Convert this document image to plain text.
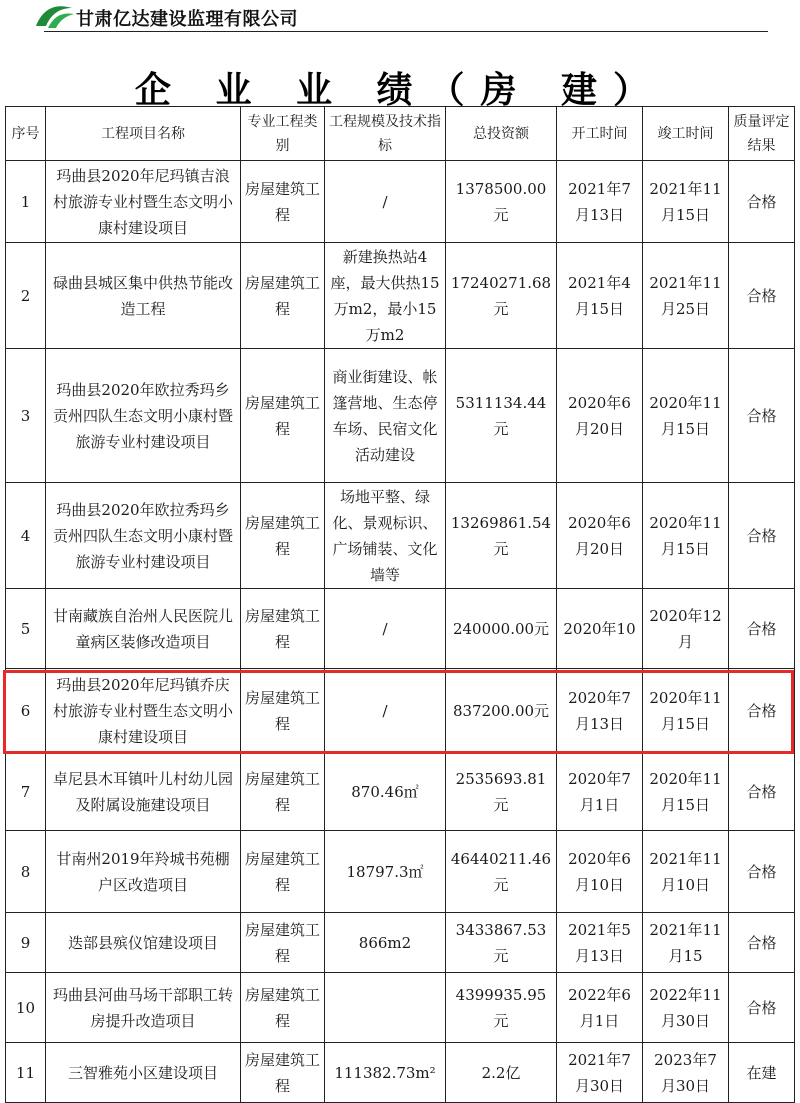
甘肃亿达建设监理有限公司
企 业 业 绩（房 建）
序号	工程项目名称	专业工程类别	工程规模及技术指标	总投资额	开工时间	竣工时间	质量评定结果
1	玛曲县2020年尼玛镇吉浪村旅游专业村暨生态文明小康村建设项目	房屋建筑工程	/	1378500.00元	2021年7月13日	2021年11月15日	合格
2	碌曲县城区集中供热节能改造工程	房屋建筑工程	新建换热站4座，最大供热15万m2，最小15万m2	17240271.68元	2021年4月15日	2021年11月25日	合格
3	玛曲县2020年欧拉秀玛乡贡州四队生态文明小康村暨旅游专业村建设项目	房屋建筑工程	商业街建设、帐篷营地、生态停车场、民宿文化活动建设	5311134.44元	2020年6月20日	2020年11月15日	合格
4	玛曲县2020年欧拉秀玛乡贡州四队生态文明小康村暨旅游专业村建设项目	房屋建筑工程	场地平整、绿化、景观标识、广场铺装、文化墙等	13269861.54元	2020年6月20日	2020年11月15日	合格
5	甘南藏族自治州人民医院儿童病区装修改造项目	房屋建筑工程	/	240000.00元	2020年10	2020年12月	合格
6	玛曲县2020年尼玛镇乔庆村旅游专业村暨生态文明小康村建设项目	房屋建筑工程	/	837200.00元	2020年7月13日	2020年11月15日	合格
7	卓尼县木耳镇叶儿村幼儿园及附属设施建设项目	房屋建筑工程	870.46㎡	2535693.81元	2020年7月1日	2020年11月15日	合格
8	甘南州2019年羚城书苑棚户区改造项目	房屋建筑工程	18797.3㎡	46440211.46元	2020年6月10日	2021年11月10日	合格
9	迭部县殡仪馆建设项目	房屋建筑工程	866m2	3433867.53元	2021年5月13日	2021年11月15	合格
10	玛曲县河曲马场干部职工转房提升改造项目	房屋建筑工程		4399935.95元	2022年6月1日	2022年11月30日	合格
11	三智雅苑小区建设项目	房屋建筑工程	111382.73m²	2.2亿	2021年7月30日	2023年7月30日	在建
